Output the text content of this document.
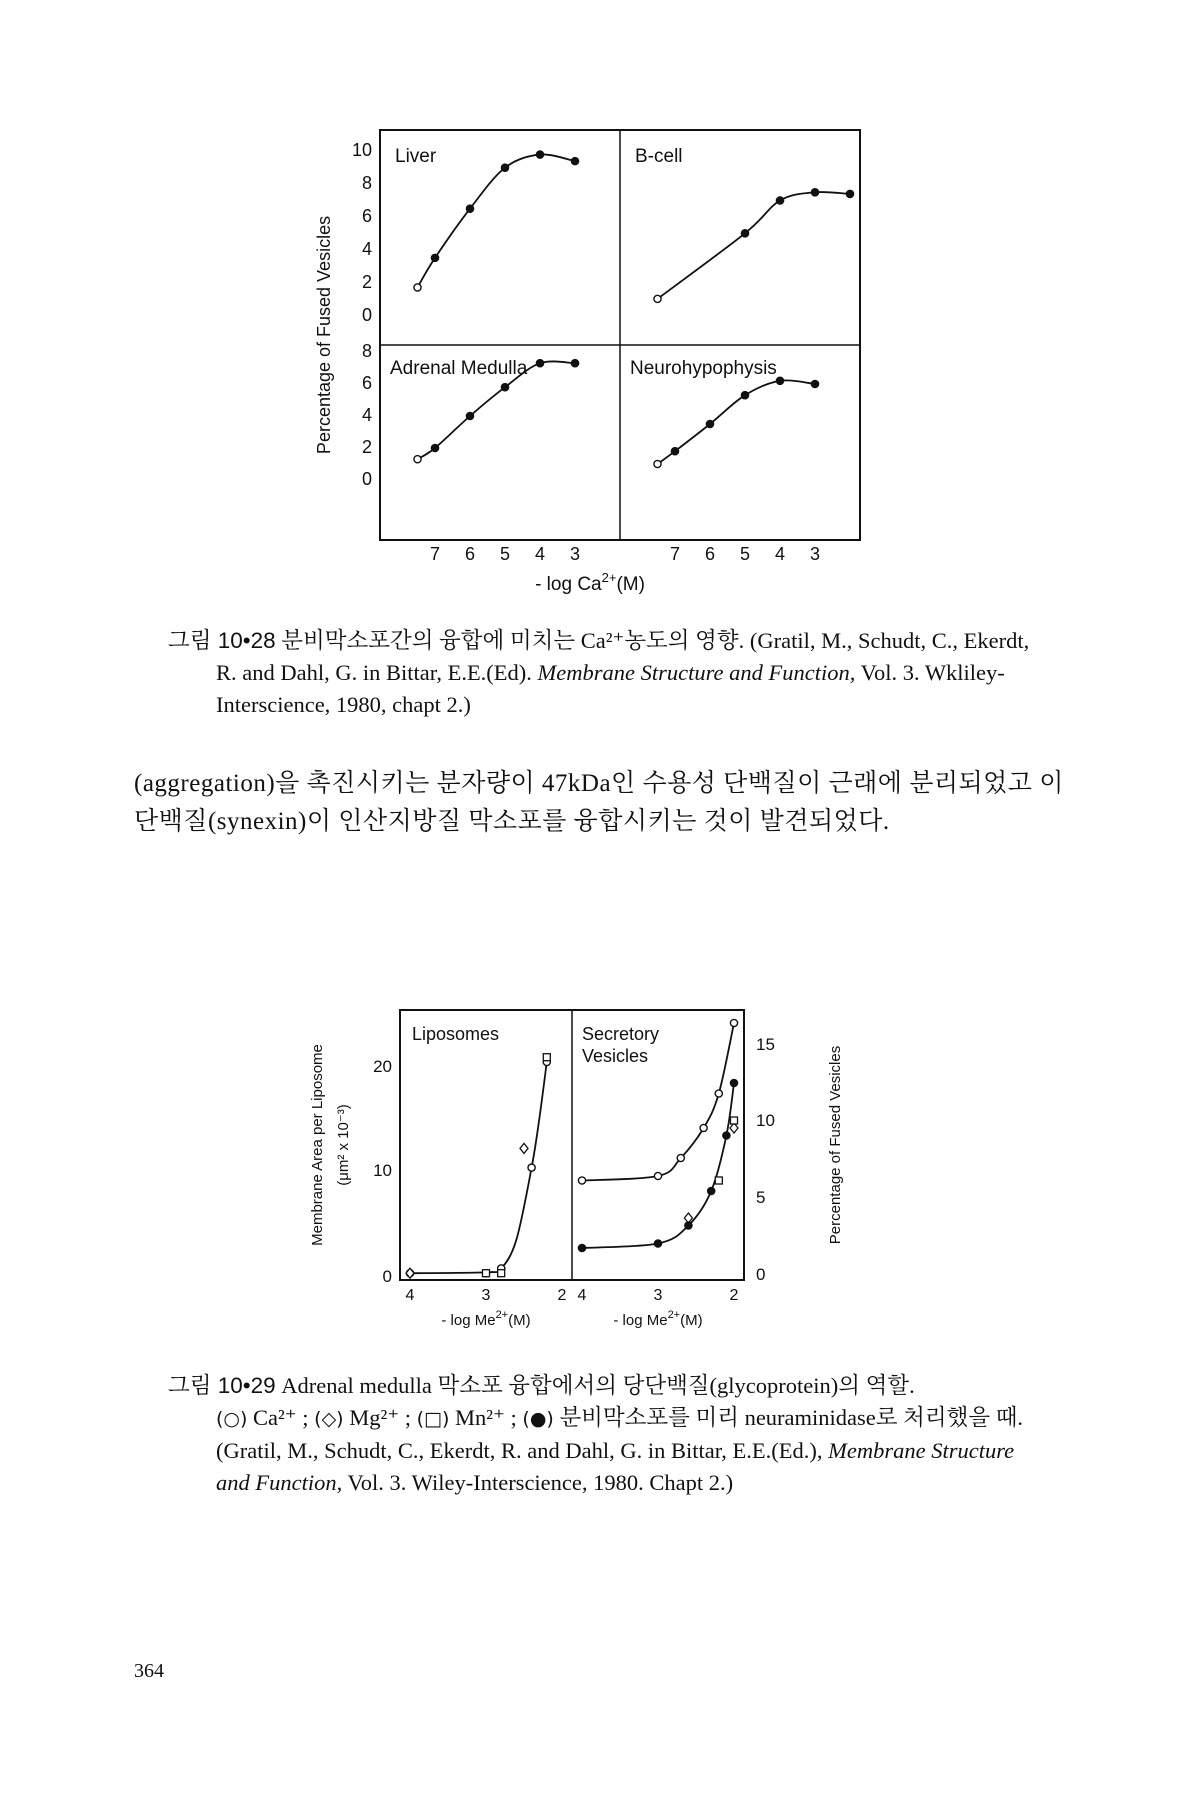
Percentage of Fused Vesicles
10
8
6
4
2
0
8
6
4
2
0
7 6 5 4 3	7 6 5 4 3
- $\log Ca^{2+}(M)$
Liver	B-cell
Adrenal Medulla	Neurohypophysis
그림 10•28 분비막소포간의 융합에 미치는 Ca²⁺농도의 영향. (Gratil, M., Schudt, C., Ekerdt, R. and Dahl, G. in Bittar, E.E.(Ed). Membrane Structure and Function, Vol. 3. Wkliley-Interscience, 1980, chapt 2.)
(aggregation)을 촉진시키는 분자량이 47kDa인 수용성 단백질이 근래에 분리되었고 이 단백질(synexin)이 인산지방질 막소포를 융합시키는 것이 발견되었다.
Membrane Area per Liposome (μm² x 10⁻³)	Percentage of Fused Vesicles
20
10
0
15
10
5
0
4	3	2 4	3	2
- $\log Me^{2+}(M)$	- $\log Me^{2+}(M)$
Liposomes	Secretory Vesicles
그림 10•29 Adrenal medulla 막소포 융합에서의 당단백질(glycoprotein)의 역할.
(○) Ca²⁺ ; (◇) Mg²⁺ ; (□) Mn²⁺ ; (●) 분비막소포를 미리 neuraminidase로 처리했을 때. (Gratil, M., Schudt, C., Ekerdt, R. and Dahl, G. in Bittar, E.E.(Ed.), Membrane Structure and Function, Vol. 3. Wiley-Interscience, 1980. Chapt 2.)
364
